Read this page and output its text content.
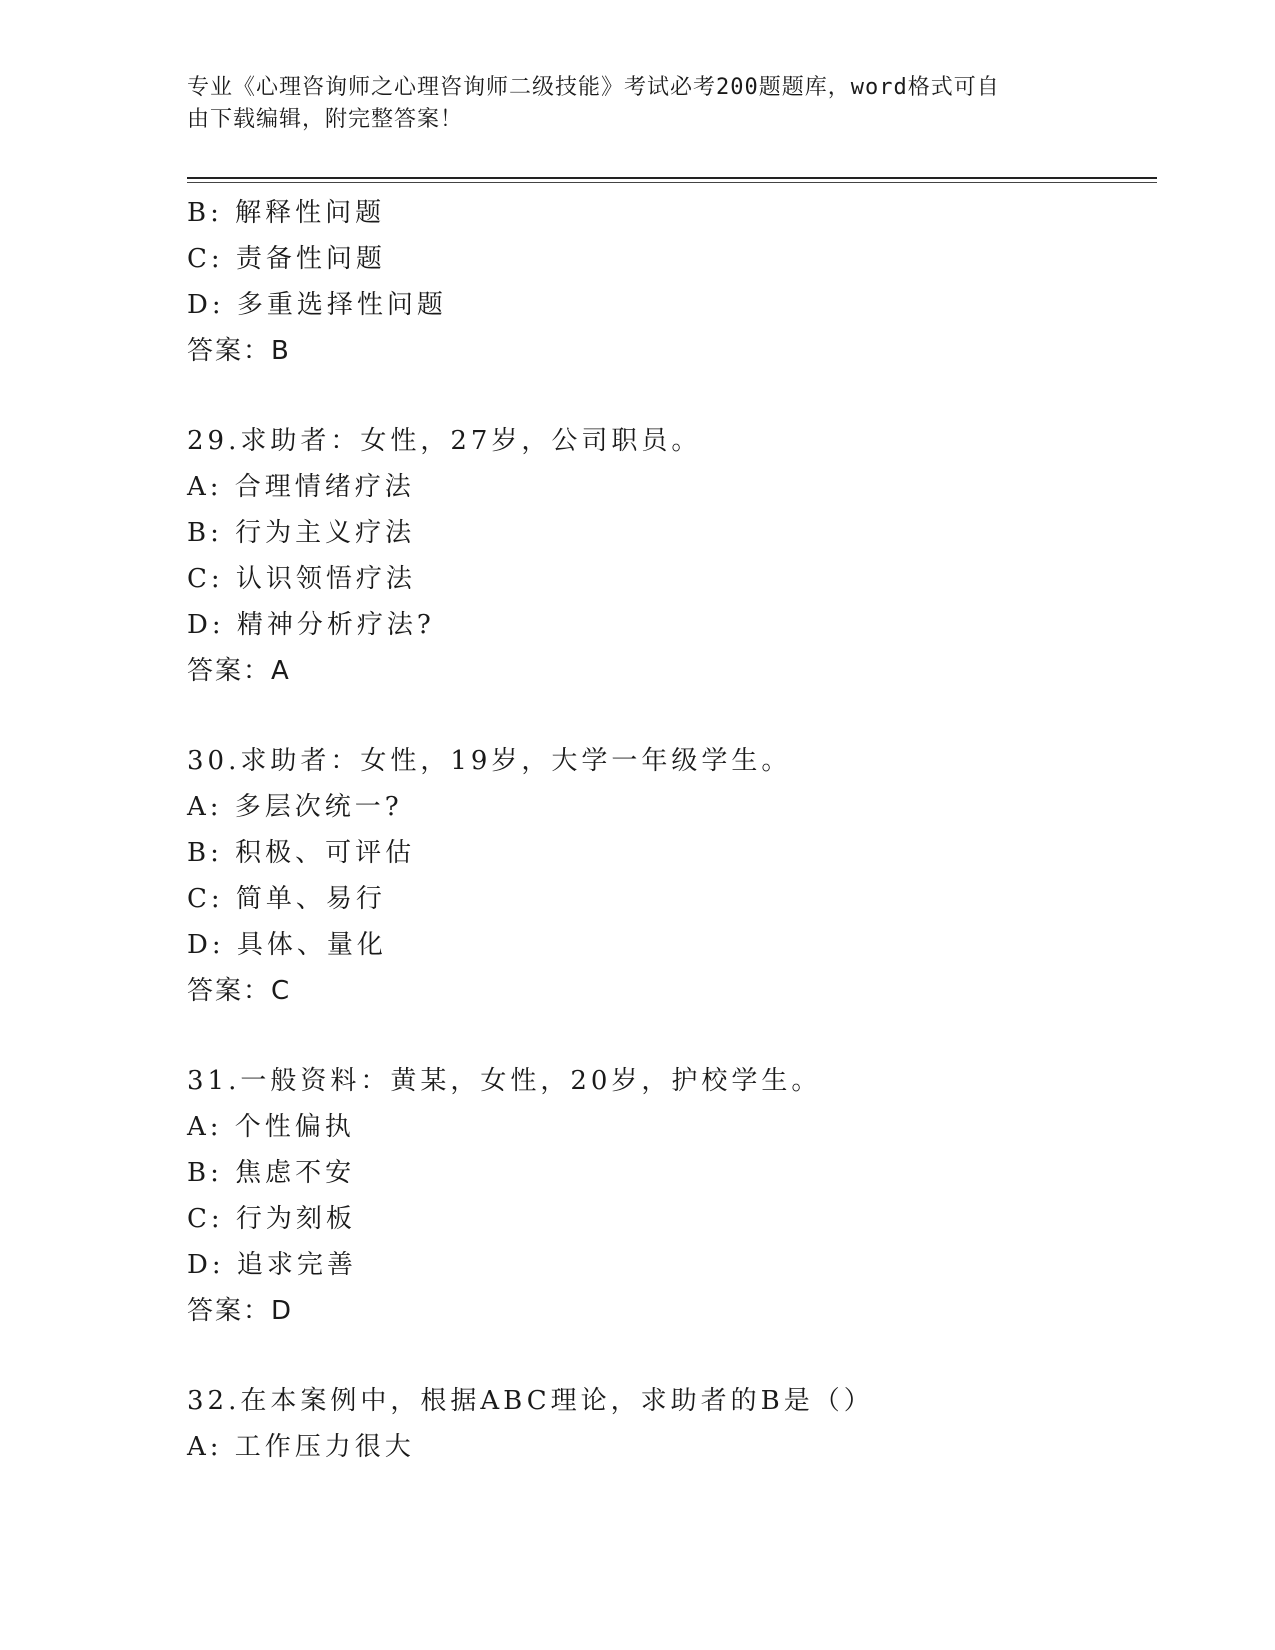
专业《心理咨询师之心理咨询师二级技能》考试必考200题题库，word格式可自
由下载编辑，附完整答案！
B: 解释性问题
C: 责备性问题
D: 多重选择性问题
答案：B
29.求助者：女性，27岁，公司职员。
A: 合理情绪疗法
B: 行为主义疗法
C: 认识领悟疗法
D: 精神分析疗法?
答案：A
30.求助者：女性，19岁，大学一年级学生。
A: 多层次统一?
B: 积极、可评估
C: 简单、易行
D: 具体、量化
答案：C
31.一般资料：黄某，女性，20岁，护校学生。
A: 个性偏执
B: 焦虑不安
C: 行为刻板
D: 追求完善
答案：D
32.在本案例中，根据ABC理论，求助者的B是（）
A: 工作压力很大
